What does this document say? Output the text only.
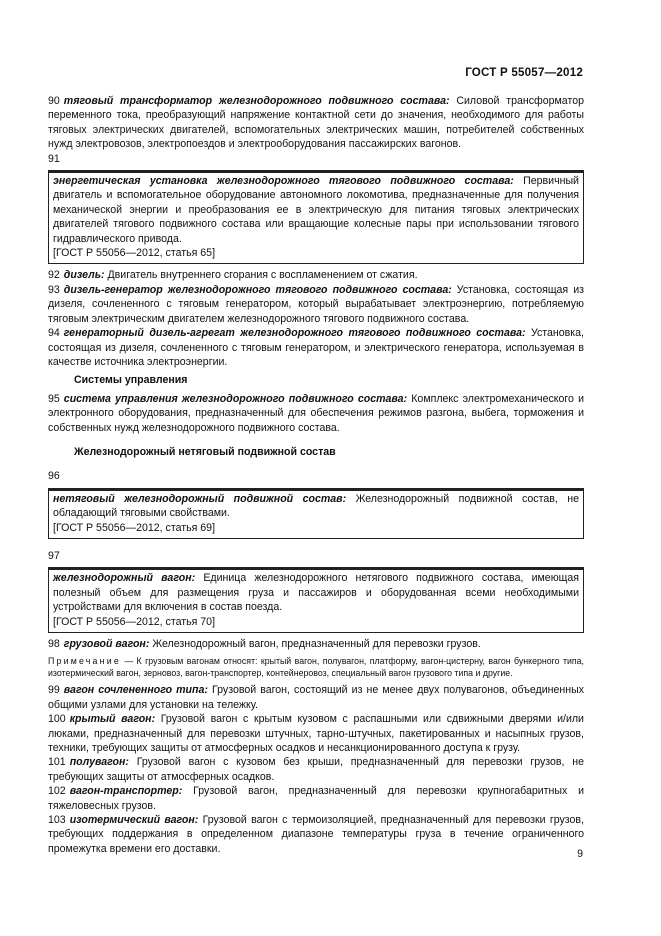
ГОСТ Р 55057—2012

90 тяговый трансформатор железнодорожного подвижного состава: Силовой трансформатор переменного тока, преобразующий напряжение контактной сети до значения, необходимого для работы тяговых электрических двигателей, вспомогательных электрических машин, потребителей собственных нужд электровозов, электропоездов и электрооборудования пассажирских вагонов.

91

энергетическая установка железнодорожного тягового подвижного состава: Первичный двигатель и вспомогательное оборудование автономного локомотива, предназначенные для получения механической энергии и преобразования ее в электрическую для питания тяговых электрических двигателей тягового подвижного состава или вращающие колесные пары при использовании тягового гидравлического привода.

[ГОСТ Р 55056—2012, статья 65]

92 дизель: Двигатель внутреннего сгорания с воспламенением от сжатия.

93 дизель-генератор железнодорожного тягового подвижного состава: Установка, состоящая из дизеля, сочлененного с тяговым генератором, который вырабатывает электроэнергию, потребляемую тяговым электрическим двигателем железнодорожного тягового подвижного состава.

94 генераторный дизель-агрегат железнодорожного тягового подвижного состава: Установка, состоящая из дизеля, сочлененного с тяговым генератором, и электрического генератора, используемая в качестве источника электроэнергии.

Системы управления

95 система управления железнодорожного подвижного состава: Комплекс электромеханического и электронного оборудования, предназначенный для обеспечения режимов разгона, выбега, торможения и собственных нужд железнодорожного подвижного состава.

Железнодорожный нетяговый подвижной состав

96

нетяговый железнодорожный подвижной состав: Железнодорожный подвижной состав, не обладающий тяговыми свойствами.

[ГОСТ Р 55056—2012, статья 69]

97

железнодорожный вагон: Единица железнодорожного нетягового подвижного состава, имеющая полезный объем для размещения груза и пассажиров и оборудованная всеми необходимыми устройствами для включения в состав поезда.

[ГОСТ Р 55056—2012, статья 70]

98 грузовой вагон: Железнодорожный вагон, предназначенный для перевозки грузов.

Примечание — К грузовым вагонам относят: крытый вагон, полувагон, платформу, вагон-цистерну, вагон бункерного типа, изотермический вагон, зерновоз, вагон-транспортер, контейнеровоз, специальный вагон грузового типа и другие.

99 вагон сочлененного типа: Грузовой вагон, состоящий из не менее двух полувагонов, объединенных общими узлами для установки на тележку.

100 крытый вагон: Грузовой вагон с крытым кузовом с распашными или сдвижными дверями и/или люками, предназначенный для перевозки штучных, тарно-штучных, пакетированных и насыпных грузов, техники, требующих защиты от атмосферных осадков и несанкционированного доступа к грузу.

101 полувагон: Грузовой вагон с кузовом без крыши, предназначенный для перевозки грузов, не требующих защиты от атмосферных осадков.

102 вагон-транспортер: Грузовой вагон, предназначенный для перевозки крупногабаритных и тяжеловесных грузов.

103 изотермический вагон: Грузовой вагон с термоизоляцией, предназначенный для перевозки грузов, требующих поддержания в определенном диапазоне температуры груза в течение ограниченного промежутка времени его доставки.	9
